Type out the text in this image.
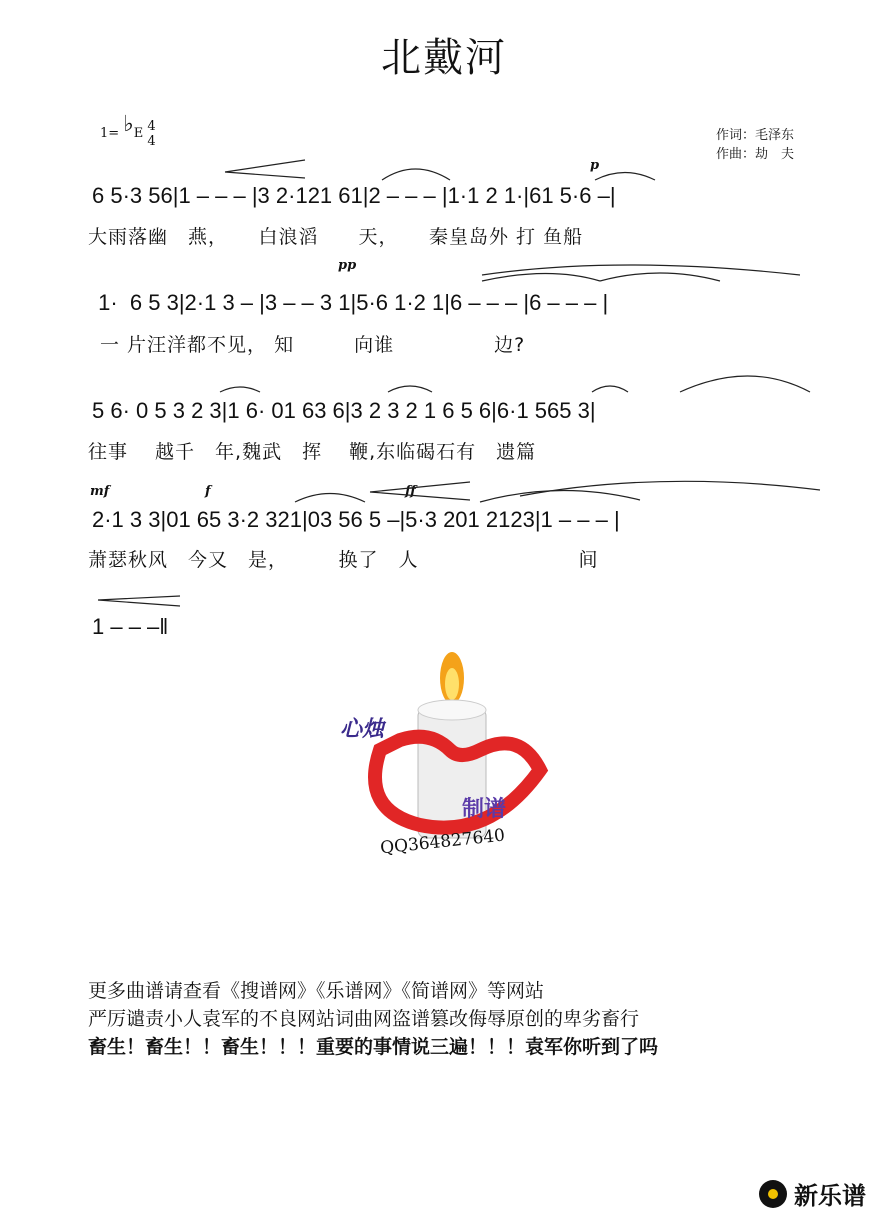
北戴河
1= ♭E 4
4	作词：毛泽东
作曲：劫　夫
p
6 5·3 56|1 – – – |3 2·121 61|2 – – – |1·1 2 1·|61 5·6 –|
大雨落幽　燕，　　白浪滔　　天，　　秦皇岛外 打 鱼船
pp
1·  6 5 3|2·1 3 – |3 – – 3 1|5·6 1·2 1|6 – – – |6 – – – |
一 片汪洋都不见， 知　　　向谁　　　　　边?
5 6· 0 5 3 2 3|1 6· 01 63 6|3 2 3 2 1 6 5 6|6·1 565 3|
往事　 越千　年,魏武　挥　 鞭,东临碣石有　遗篇
mf	f	ff
2·1 3 3|01 65 3·2 321|03 56 5 –|5·3 201 2123|1 – – – |
萧瑟秋风　今又　是，　　　换了　人　　　　　　　　间
1 – – –‖
心烛
制谱
QQ364827640
更多曲谱请查看《搜谱网》《乐谱网》《简谱网》等网站
严厉谴责小人袁军的不良网站词曲网盗谱篡改侮辱原创的卑劣畜行
畜生！畜生！！畜生！！！重要的事情说三遍！！！袁军你听到了吗
新乐谱
